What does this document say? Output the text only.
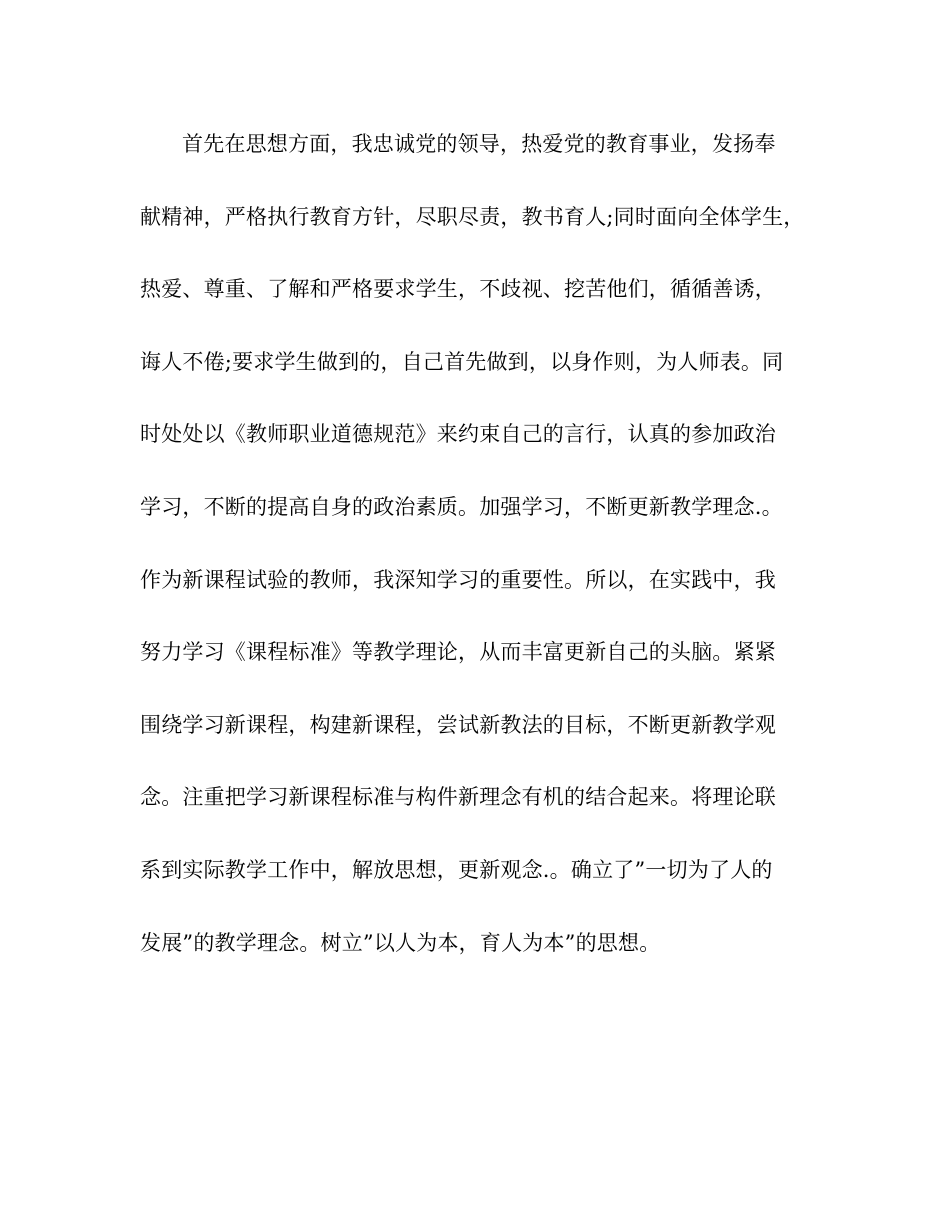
首先在思想方面，我忠诚党的领导，热爱党的教育事业，发扬奉
献精神，严格执行教育方针，尽职尽责，教书育人;同时面向全体学生，
热爱、尊重、了解和严格要求学生，不歧视、挖苦他们，循循善诱，
诲人不倦;要求学生做到的，自己首先做到，以身作则，为人师表。同
时处处以《教师职业道德规范》来约束自己的言行，认真的参加政治
学习，不断的提高自身的政治素质。加强学习，不断更新教学理念.。
作为新课程试验的教师，我深知学习的重要性。所以，在实践中，我
努力学习《课程标准》等教学理论，从而丰富更新自己的头脑。紧紧
围绕学习新课程，构建新课程，尝试新教法的目标，不断更新教学观
念。注重把学习新课程标准与构件新理念有机的结合起来。将理论联
系到实际教学工作中，解放思想，更新观念.。确立了”一切为了人的
发展”的教学理念。树立”以人为本，育人为本”的思想。
